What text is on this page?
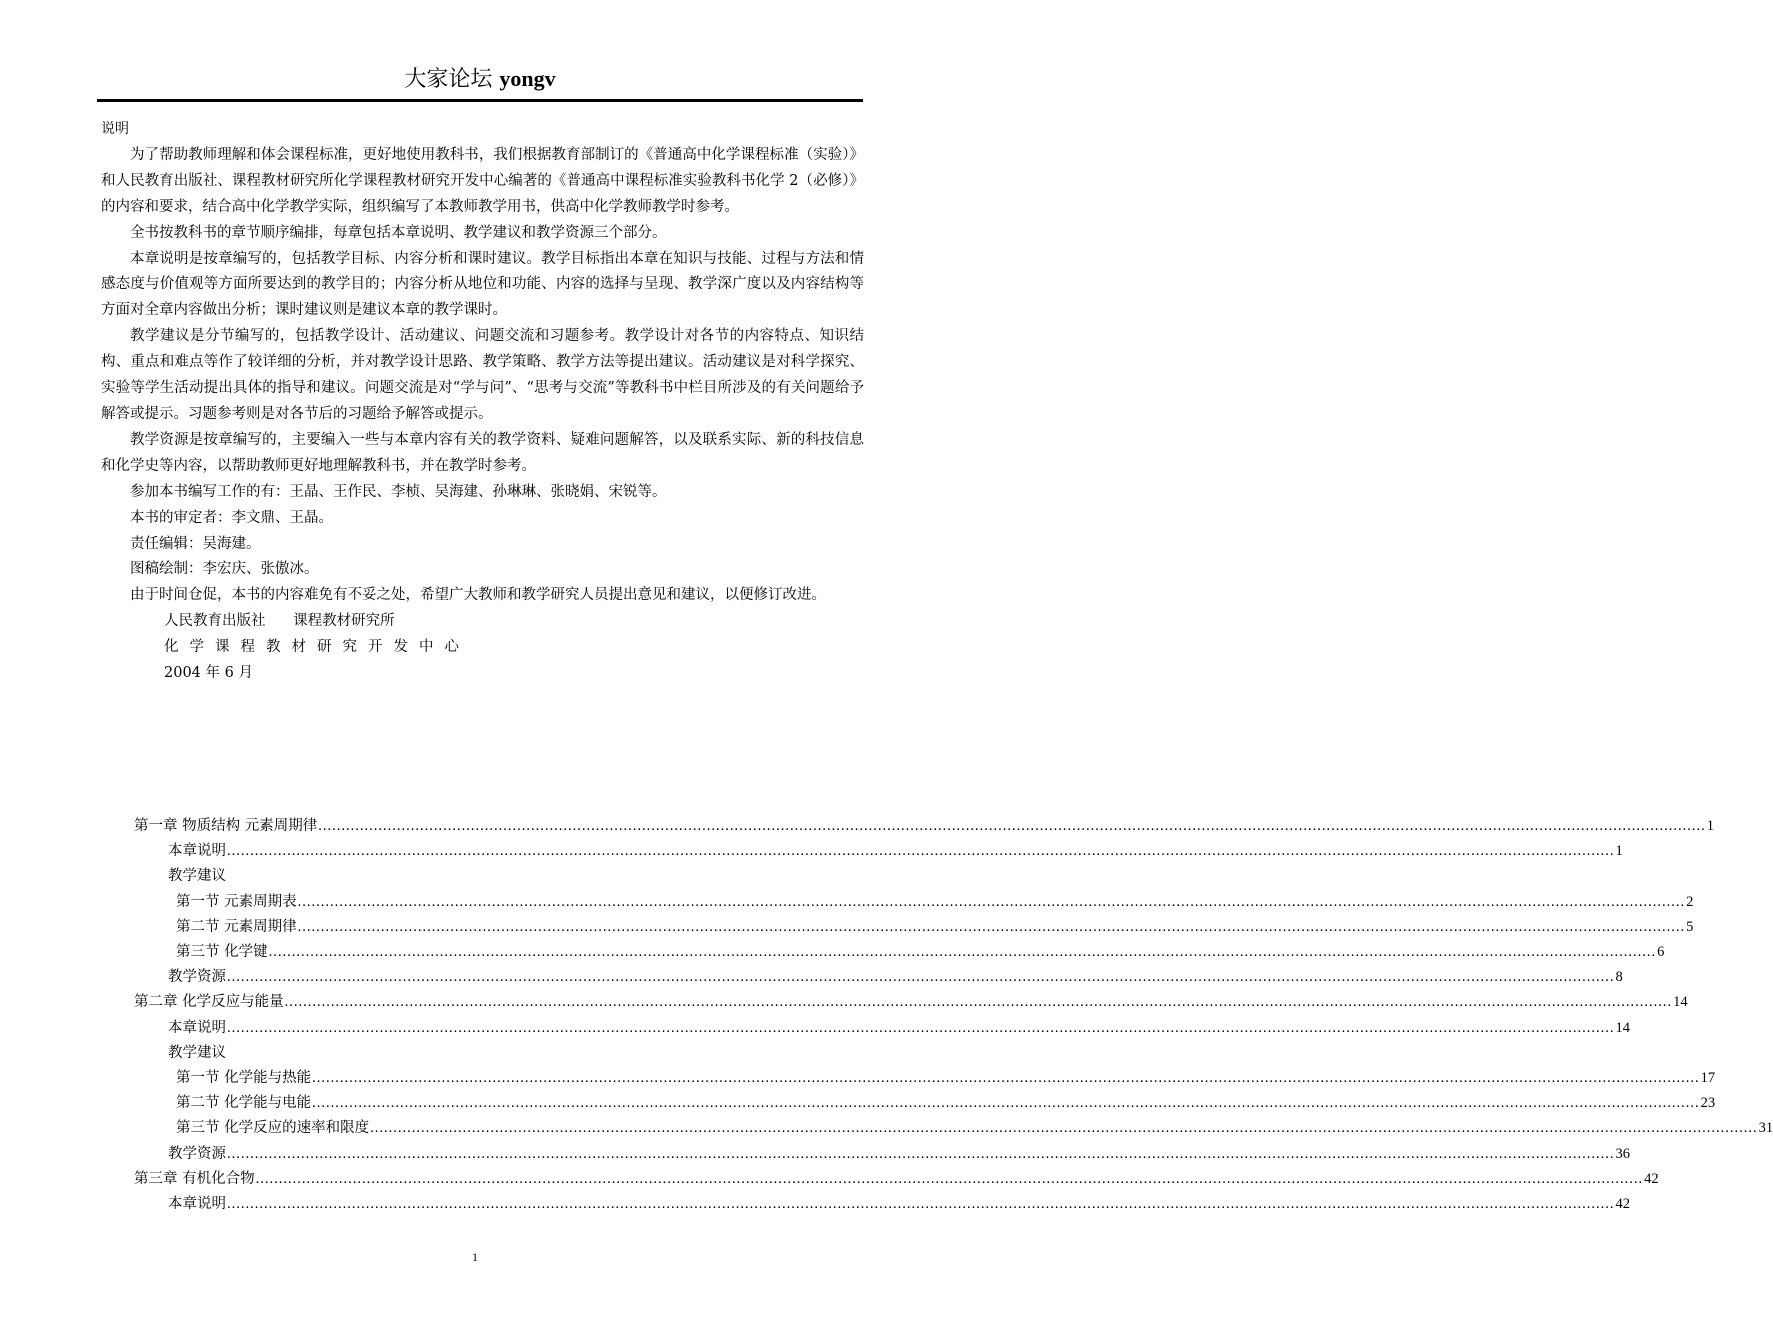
大家论坛 yongv

说明

为了帮助教师理解和体会课程标准，更好地使用教科书，我们根据教育部制订的《普通高中化学课程标准（实验）》和人民教育出版社、课程教材研究所化学课程教材研究开发中心编著的《普通高中课程标准实验教科书化学 2（必修）》的内容和要求，结合高中化学教学实际，组织编写了本教师教学用书，供高中化学教师教学时参考。

全书按教科书的章节顺序编排，每章包括本章说明、教学建议和教学资源三个部分。

本章说明是按章编写的，包括教学目标、内容分析和课时建议。教学目标指出本章在知识与技能、过程与方法和情感态度与价值观等方面所要达到的教学目的；内容分析从地位和功能、内容的选择与呈现、教学深广度以及内容结构等方面对全章内容做出分析；课时建议则是建议本章的教学课时。

教学建议是分节编写的，包括教学设计、活动建议、问题交流和习题参考。教学设计对各节的内容特点、知识结构、重点和难点等作了较详细的分析，并对教学设计思路、教学策略、教学方法等提出建议。活动建议是对科学探究、实验等学生活动提出具体的指导和建议。问题交流是对“学与问”、“思考与交流”等教科书中栏目所涉及的有关问题给予解答或提示。习题参考则是对各节后的习题给予解答或提示。

教学资源是按章编写的，主要编入一些与本章内容有关的教学资料、疑难问题解答，以及联系实际、新的科技信息和化学史等内容，以帮助教师更好地理解教科书，并在教学时参考。

参加本书编写工作的有：王晶、王作民、李桢、吴海建、孙琳琳、张晓娟、宋锐等。

本书的审定者：李文鼎、王晶。

责任编辑：吴海建。

图稿绘制：李宏庆、张傲冰。

由于时间仓促，本书的内容难免有不妥之处，希望广大教师和教学研究人员提出意见和建议，以便修订改进。

人民教育出版社      课程教材研究所

化学课程教材研究开发中心

2004 年 6 月

第一章 物质结构 元素周期律 ............................................................................................................................................................................................................................................................................................................ 1
本章说明 ............................................................................................................................................................................................................................................................................................................ 1
教学建议
第一节 元素周期表 ............................................................................................................................................................................................................................................................................................................ 2
第二节 元素周期律 ............................................................................................................................................................................................................................................................................................................ 5
第三节 化学键 ............................................................................................................................................................................................................................................................................................................ 6
教学资源 ............................................................................................................................................................................................................................................................................................................ 8
第二章 化学反应与能量 ............................................................................................................................................................................................................................................................................................................ 14
本章说明 ............................................................................................................................................................................................................................................................................................................ 14
教学建议
第一节 化学能与热能 ............................................................................................................................................................................................................................................................................................................ 17
第二节 化学能与电能 ............................................................................................................................................................................................................................................................................................................ 23
第三节 化学反应的速率和限度 ............................................................................................................................................................................................................................................................................................................ 31
教学资源 ............................................................................................................................................................................................................................................................................................................ 36
第三章 有机化合物 ............................................................................................................................................................................................................................................................................................................ 42
本章说明 ............................................................................................................................................................................................................................................................................................................ 42
1
